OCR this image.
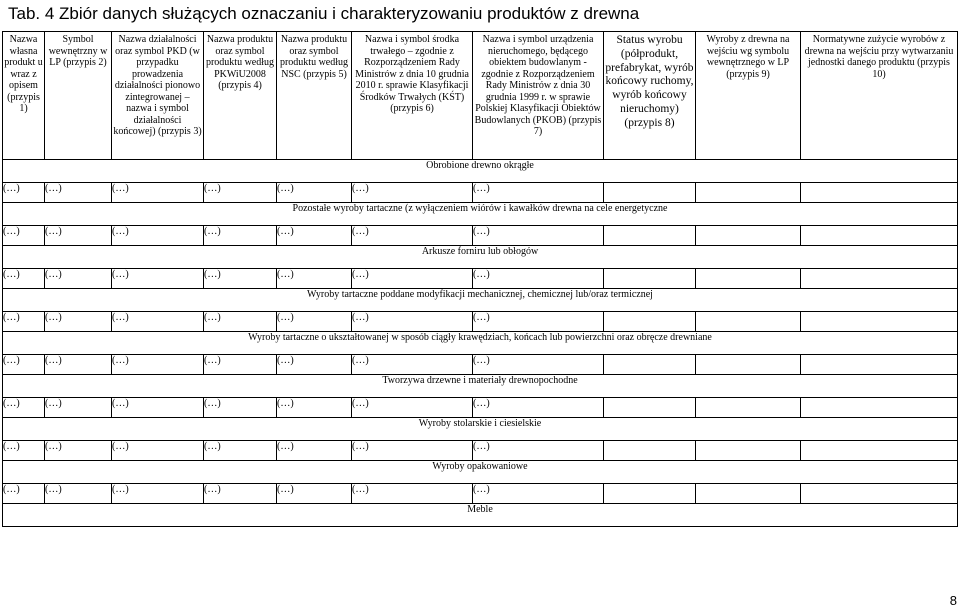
Tab. 4 Zbiór danych służących oznaczaniu i charakteryzowaniu produktów z drewna
Nazwa własna produkt u wraz z opisem (przypis 1)	Symbol wewnętrzny w LP (przypis 2)	Nazwa działalności oraz symbol PKD (w przypadku prowadzenia działalności pionowo zintegrowanej – nazwa i symbol działalności końcowej) (przypis 3)	Nazwa produktu oraz symbol produktu według PKWiU2008 (przypis 4)	Nazwa produktu oraz symbol produktu według NSC (przypis 5)	Nazwa i symbol środka trwałego – zgodnie z Rozporządzeniem Rady Ministrów z dnia 10 grudnia 2010 r. sprawie Klasyfikacji Środków Trwałych (KŚT) (przypis 6)	Nazwa i symbol urządzenia nieruchomego, będącego obiektem budowlanym - zgodnie z Rozporządzeniem Rady Ministrów z dnia 30 grudnia 1999 r. w sprawie Polskiej Klasyfikacji Obiektów Budowlanych (PKOB) (przypis 7)	Status wyrobu (półprodukt, prefabrykat, wyrób końcowy ruchomy, wyrób końcowy nieruchomy) (przypis 8)	Wyroby z drewna na wejściu wg symbolu wewnętrznego w LP (przypis 9)	Normatywne zużycie wyrobów z drewna na wejściu przy wytwarzaniu jednostki danego produktu (przypis 10)
Obrobione drewno okrągłe									
(…)	(…)	(…)	(…)	(…)	(…)	(…)			
Pozostałe wyroby tartaczne (z wyłączeniem wiórów i kawałków drewna na cele energetyczne									
(…)	(…)	(…)	(…)	(…)	(…)	(…)			
Arkusze forniru lub obłogów									
(…)	(…)	(…)	(…)	(…)	(…)	(…)			
Wyroby tartaczne poddane modyfikacji mechanicznej, chemicznej lub/oraz termicznej									
(…)	(…)	(…)	(…)	(…)	(…)	(…)			
Wyroby tartaczne o ukształtowanej w sposób ciągły krawędziach, końcach lub powierzchni oraz obręcze drewniane									
(…)	(…)	(…)	(…)	(…)	(…)	(…)			
Tworzywa drzewne i materiały drewnopochodne									
(…)	(…)	(…)	(…)	(…)	(…)	(…)			
Wyroby stolarskie i ciesielskie									
(…)	(…)	(…)	(…)	(…)	(…)	(…)			
Wyroby opakowaniowe									
(…)	(…)	(…)	(…)	(…)	(…)	(…)			
Meble									
8
